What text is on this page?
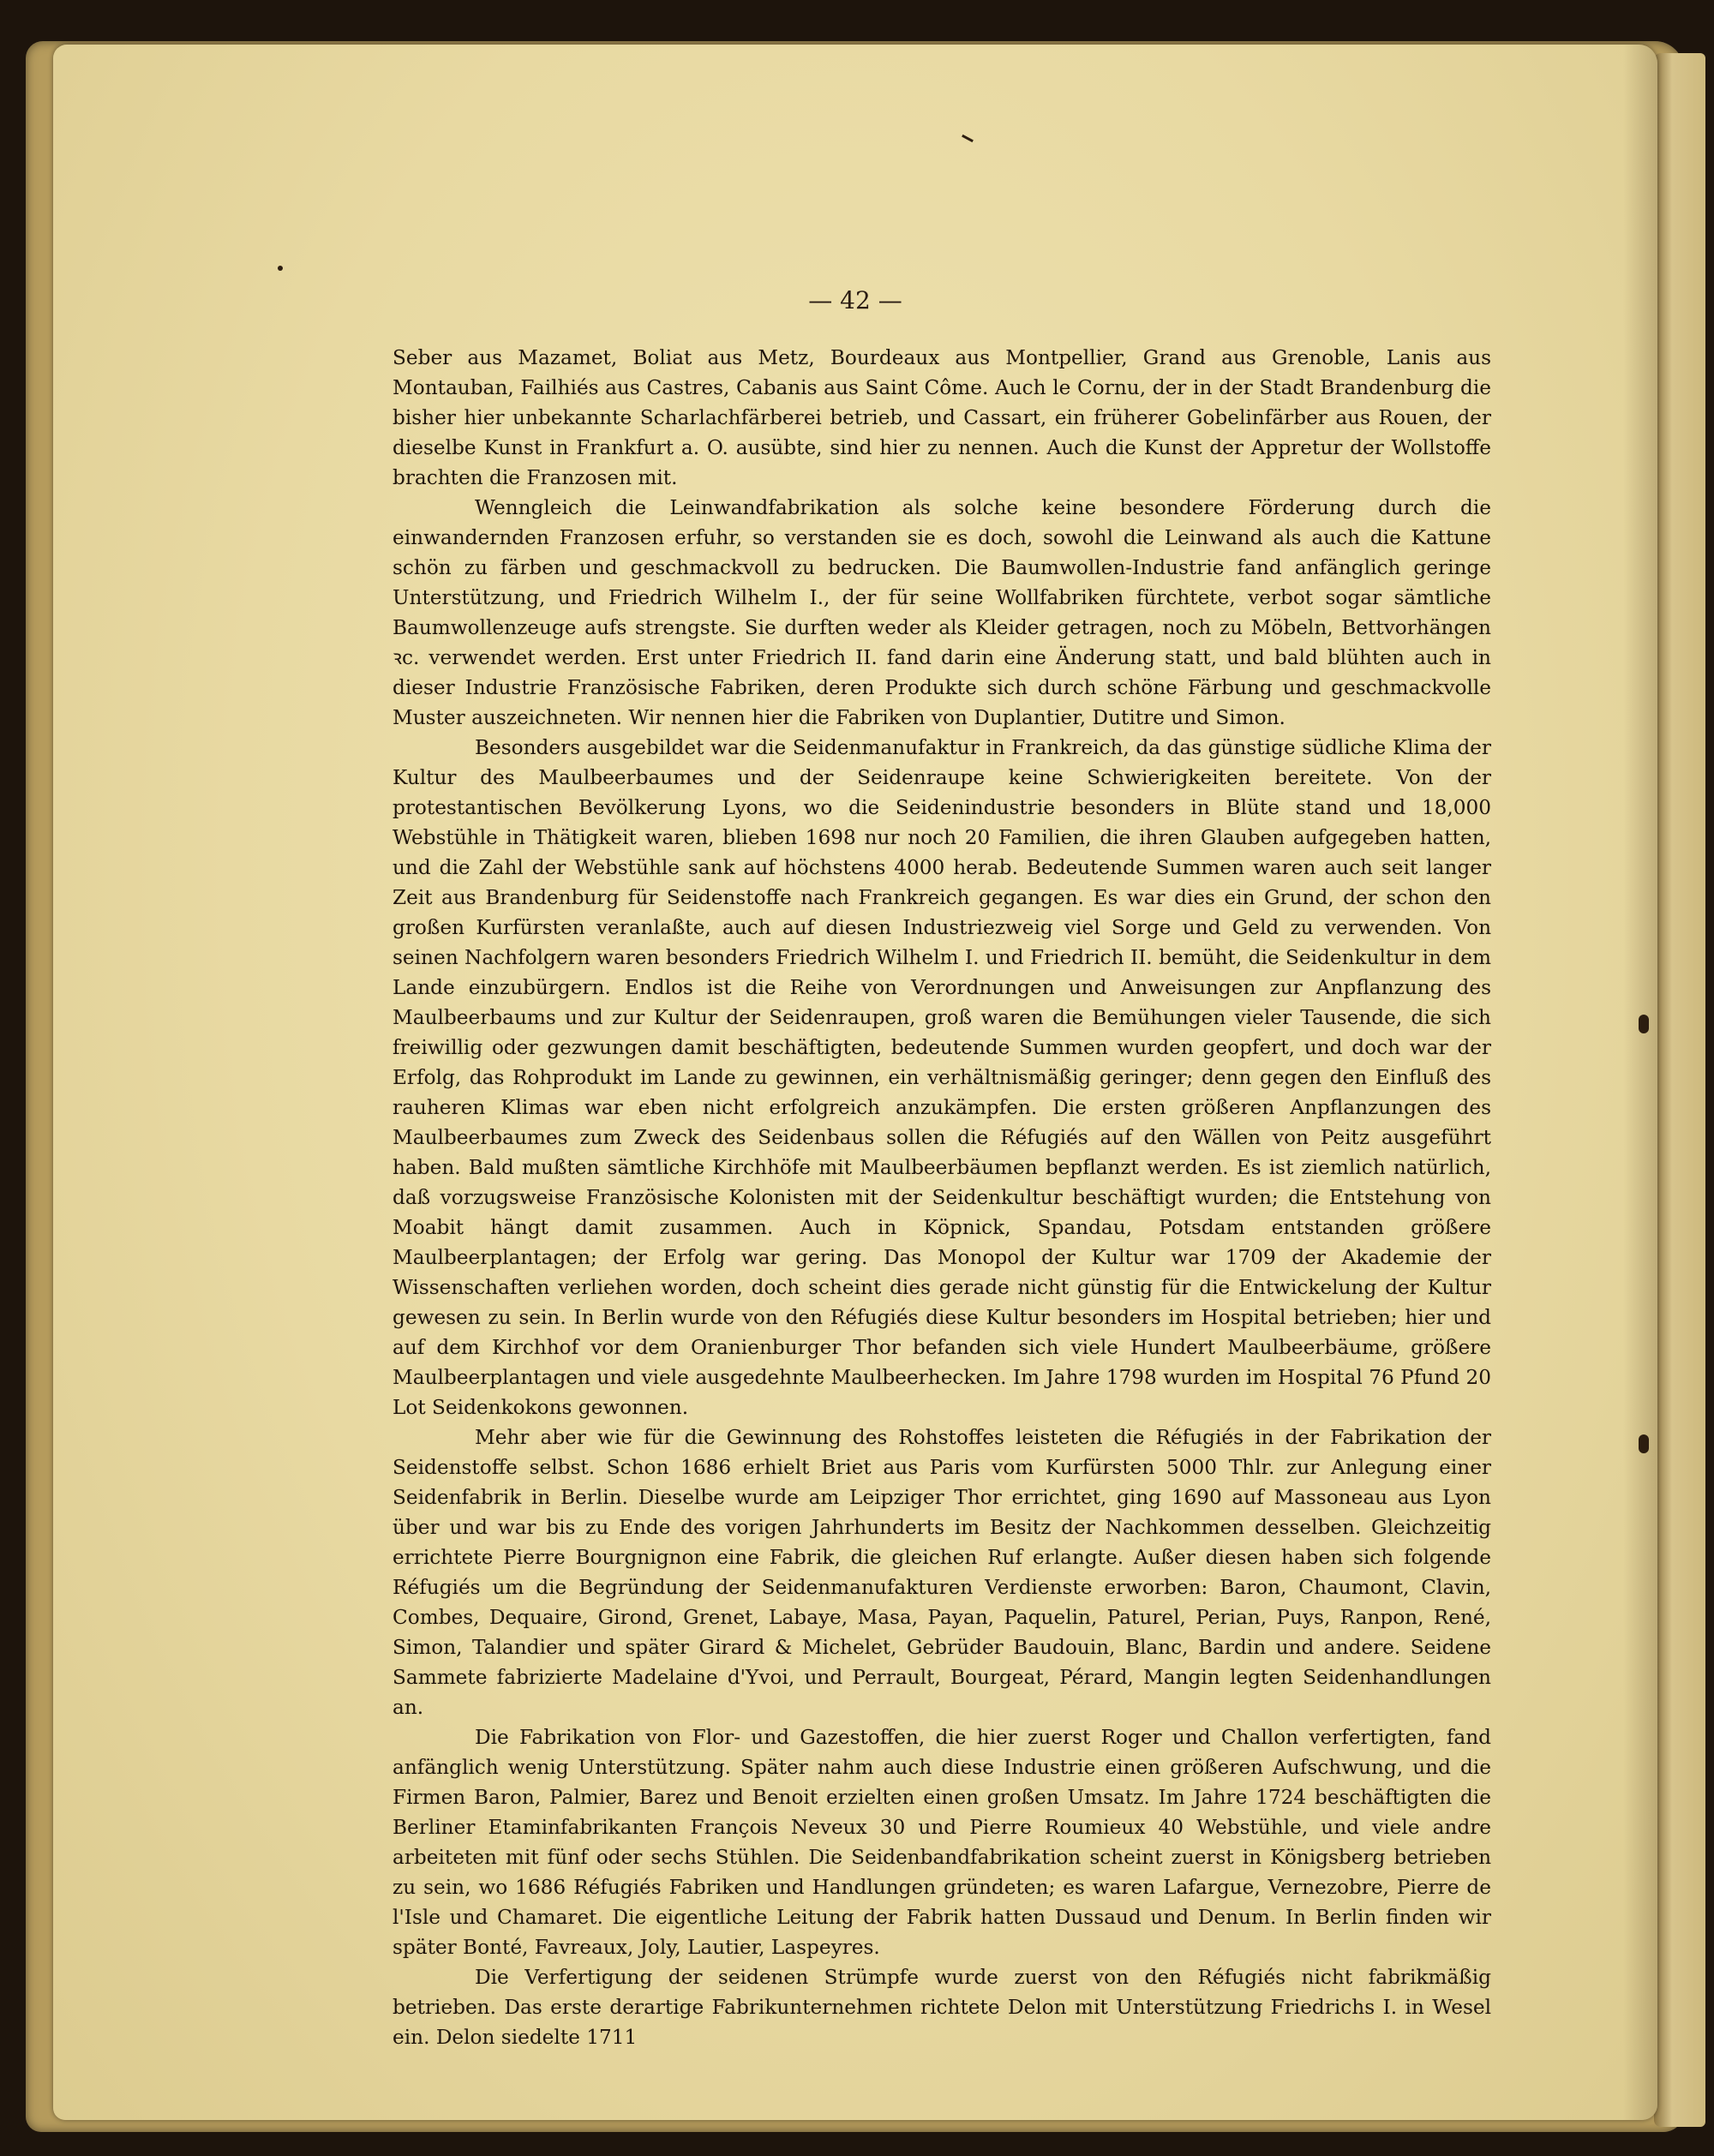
— 42 —

Seber aus Mazamet, Boliat aus Metz, Bourdeaux aus Montpellier, Grand aus Grenoble, Lanis aus Montauban, Failhiés aus Castres, Cabanis aus Saint Côme. Auch le Cornu, der in der Stadt Brandenburg die bisher hier unbekannte Scharlachfärberei betrieb, und Cassart, ein früherer Gobelinfärber aus Rouen, der dieselbe Kunst in Frankfurt a. O. ausübte, sind hier zu nennen. Auch die Kunst der Appretur der Wollstoffe brachten die Franzosen mit.

Wenngleich die Leinwandfabrikation als solche keine besondere Förderung durch die einwandernden Franzosen erfuhr, so verstanden sie es doch, sowohl die Leinwand als auch die Kattune schön zu färben und geschmackvoll zu bedrucken. Die Baumwollen-Industrie fand anfänglich geringe Unterstützung, und Friedrich Wilhelm I., der für seine Wollfabriken fürchtete, verbot sogar sämtliche Baumwollenzeuge aufs strengste. Sie durften weder als Kleider getragen, noch zu Möbeln, Bettvorhängen ꝛc. verwendet werden. Erst unter Friedrich II. fand darin eine Änderung statt, und bald blühten auch in dieser Industrie Französische Fabriken, deren Produkte sich durch schöne Färbung und geschmackvolle Muster auszeichneten. Wir nennen hier die Fabriken von Duplantier, Dutitre und Simon.

Besonders ausgebildet war die Seidenmanufaktur in Frankreich, da das günstige südliche Klima der Kultur des Maulbeerbaumes und der Seidenraupe keine Schwierigkeiten bereitete. Von der protestantischen Bevölkerung Lyons, wo die Seidenindustrie besonders in Blüte stand und 18,000 Webstühle in Thätigkeit waren, blieben 1698 nur noch 20 Familien, die ihren Glauben aufgegeben hatten, und die Zahl der Webstühle sank auf höchstens 4000 herab. Bedeutende Summen waren auch seit langer Zeit aus Brandenburg für Seidenstoffe nach Frankreich gegangen. Es war dies ein Grund, der schon den großen Kurfürsten veranlaßte, auch auf diesen Industriezweig viel Sorge und Geld zu verwenden. Von seinen Nachfolgern waren besonders Friedrich Wilhelm I. und Friedrich II. bemüht, die Seidenkultur in dem Lande einzubürgern. Endlos ist die Reihe von Verordnungen und Anweisungen zur Anpflanzung des Maulbeerbaums und zur Kultur der Seidenraupen, groß waren die Bemühungen vieler Tausende, die sich freiwillig oder gezwungen damit beschäftigten, bedeutende Summen wurden geopfert, und doch war der Erfolg, das Rohprodukt im Lande zu gewinnen, ein verhältnismäßig geringer; denn gegen den Einfluß des rauheren Klimas war eben nicht erfolgreich anzukämpfen. Die ersten größeren Anpflanzungen des Maulbeerbaumes zum Zweck des Seidenbaus sollen die Réfugiés auf den Wällen von Peitz ausgeführt haben. Bald mußten sämtliche Kirchhöfe mit Maulbeerbäumen bepflanzt werden. Es ist ziemlich natürlich, daß vorzugsweise Französische Kolonisten mit der Seidenkultur beschäftigt wurden; die Entstehung von Moabit hängt damit zusammen. Auch in Köpnick, Spandau, Potsdam entstanden größere Maulbeerplantagen; der Erfolg war gering. Das Monopol der Kultur war 1709 der Akademie der Wissenschaften verliehen worden, doch scheint dies gerade nicht günstig für die Entwickelung der Kultur gewesen zu sein. In Berlin wurde von den Réfugiés diese Kultur besonders im Hospital betrieben; hier und auf dem Kirchhof vor dem Oranienburger Thor befanden sich viele Hundert Maulbeerbäume, größere Maulbeerplantagen und viele ausgedehnte Maulbeerhecken. Im Jahre 1798 wurden im Hospital 76 Pfund 20 Lot Seidenkokons gewonnen.

Mehr aber wie für die Gewinnung des Rohstoffes leisteten die Réfugiés in der Fabrikation der Seidenstoffe selbst. Schon 1686 erhielt Briet aus Paris vom Kurfürsten 5000 Thlr. zur Anlegung einer Seidenfabrik in Berlin. Dieselbe wurde am Leipziger Thor errichtet, ging 1690 auf Massoneau aus Lyon über und war bis zu Ende des vorigen Jahrhunderts im Besitz der Nachkommen desselben. Gleichzeitig errichtete Pierre Bourgnignon eine Fabrik, die gleichen Ruf erlangte. Außer diesen haben sich folgende Réfugiés um die Begründung der Seidenmanufakturen Verdienste erworben: Baron, Chaumont, Clavin, Combes, Dequaire, Girond, Grenet, Labaye, Masa, Payan, Paquelin, Paturel, Perian, Puys, Ranpon, René, Simon, Talandier und später Girard & Michelet, Gebrüder Baudouin, Blanc, Bardin und andere. Seidene Sammete fabrizierte Madelaine d'Yvoi, und Perrault, Bourgeat, Pérard, Mangin legten Seidenhandlungen an.

Die Fabrikation von Flor- und Gazestoffen, die hier zuerst Roger und Challon verfertigten, fand anfänglich wenig Unterstützung. Später nahm auch diese Industrie einen größeren Aufschwung, und die Firmen Baron, Palmier, Barez und Benoit erzielten einen großen Umsatz. Im Jahre 1724 beschäftigten die Berliner Etaminfabrikanten François Neveux 30 und Pierre Roumieux 40 Webstühle, und viele andre arbeiteten mit fünf oder sechs Stühlen. Die Seidenbandfabrikation scheint zuerst in Königsberg betrieben zu sein, wo 1686 Réfugiés Fabriken und Handlungen gründeten; es waren Lafargue, Vernezobre, Pierre de l'Isle und Chamaret. Die eigentliche Leitung der Fabrik hatten Dussaud und Denum. In Berlin finden wir später Bonté, Favreaux, Joly, Lautier, Laspeyres.

Die Verfertigung der seidenen Strümpfe wurde zuerst von den Réfugiés nicht fabrikmäßig betrieben. Das erste derartige Fabrikunternehmen richtete Delon mit Unterstützung Friedrichs I. in Wesel ein. Delon siedelte 1711
